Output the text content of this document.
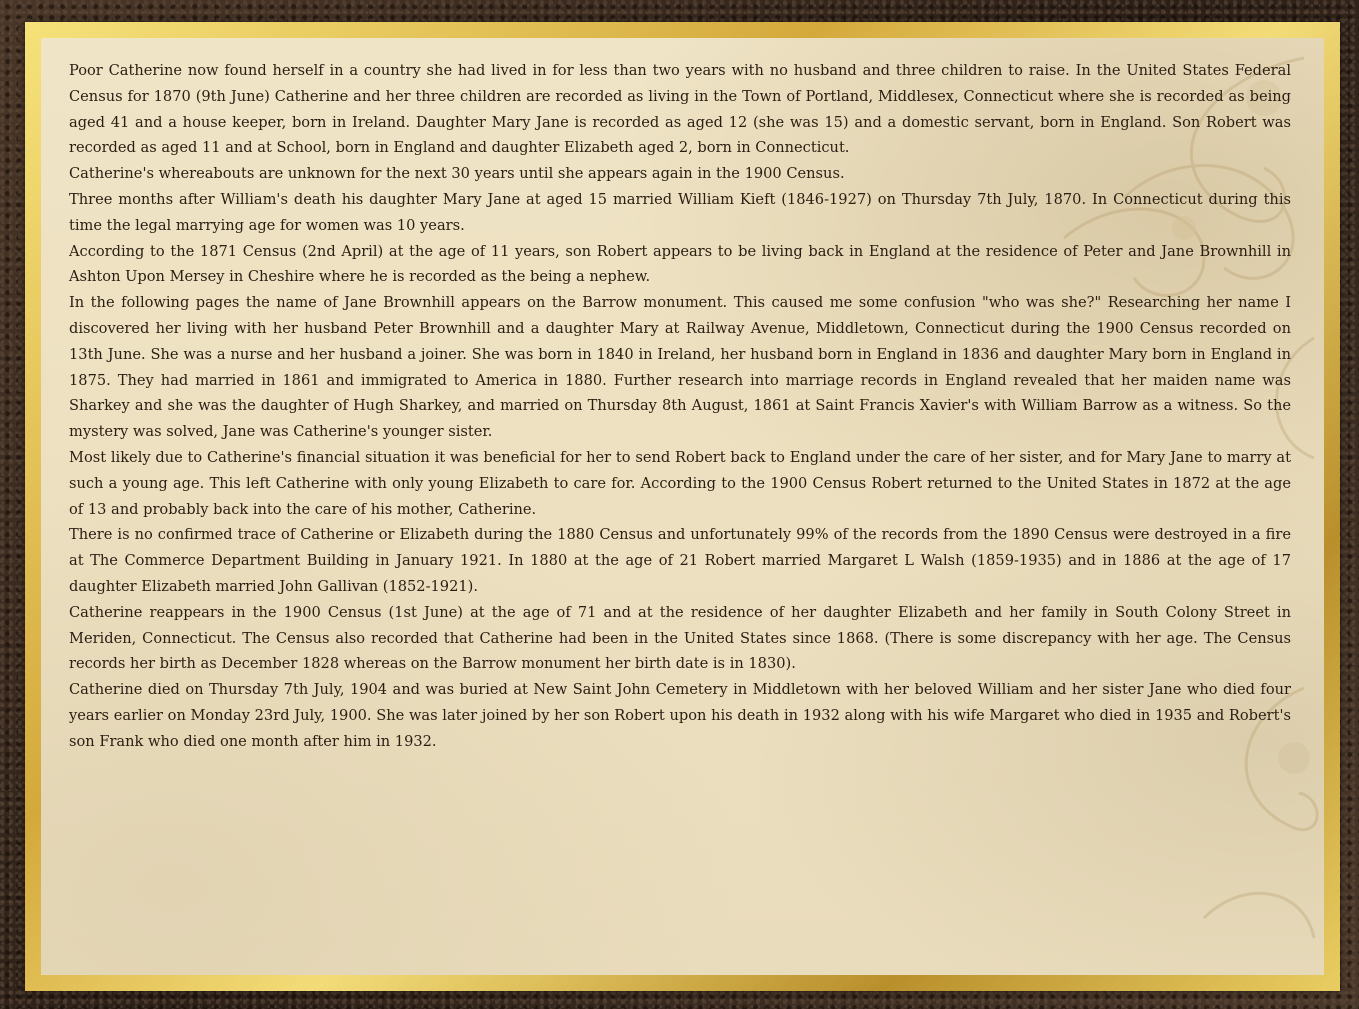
Poor Catherine now found herself in a country she had lived in for less than two years with no husband and three children to raise. In the United States Federal Census for 1870 (9th June) Catherine and her three children are recorded as living in the Town of Portland, Middlesex, Connecticut where she is recorded as being aged 41 and a house keeper, born in Ireland. Daughter Mary Jane is recorded as aged 12 (she was 15) and a domestic servant, born in England. Son Robert was recorded as aged 11 and at School, born in England and daughter Elizabeth aged 2, born in Connecticut.

Catherine's whereabouts are unknown for the next 30 years until she appears again in the 1900 Census.

Three months after William's death his daughter Mary Jane at aged 15 married William Kieft (1846-1927) on Thursday 7th July, 1870. In Connecticut during this time the legal marrying age for women was 10 years.

According to the 1871 Census (2nd April) at the age of 11 years, son Robert appears to be living back in England at the residence of Peter and Jane Brownhill in Ashton Upon Mersey in Cheshire where he is recorded as the being a nephew.

In the following pages the name of Jane Brownhill appears on the Barrow monument. This caused me some confusion "who was she?" Researching her name I discovered her living with her husband Peter Brownhill and a daughter Mary at Railway Avenue, Middletown, Connecticut during the 1900 Census recorded on 13th June. She was a nurse and her husband a joiner. She was born in 1840 in Ireland, her husband born in England in 1836 and daughter Mary born in England in 1875. They had married in 1861 and immigrated to America in 1880. Further research into marriage records in England revealed that her maiden name was Sharkey and she was the daughter of Hugh Sharkey, and married on Thursday 8th August, 1861 at Saint Francis Xavier's with William Barrow as a witness. So the mystery was solved, Jane was Catherine's younger sister.

Most likely due to Catherine's financial situation it was beneficial for her to send Robert back to England under the care of her sister, and for Mary Jane to marry at such a young age. This left Catherine with only young Elizabeth to care for. According to the 1900 Census Robert returned to the United States in 1872 at the age of 13 and probably back into the care of his mother, Catherine.

There is no confirmed trace of Catherine or Elizabeth during the 1880 Census and unfortunately 99% of the records from the 1890 Census were destroyed in a fire at The Commerce Department Building in January 1921. In 1880 at the age of 21 Robert married Margaret L Walsh (1859-1935) and in 1886 at the age of 17 daughter Elizabeth married John Gallivan (1852-1921).

Catherine reappears in the 1900 Census (1st June) at the age of 71 and at the residence of her daughter Elizabeth and her family in South Colony Street in Meriden, Connecticut. The Census also recorded that Catherine had been in the United States since 1868. (There is some discrepancy with her age. The Census records her birth as December 1828 whereas on the Barrow monument her birth date is in 1830).

Catherine died on Thursday 7th July, 1904 and was buried at New Saint John Cemetery in Middletown with her beloved William and her sister Jane who died four years earlier on Monday 23rd July, 1900. She was later joined by her son Robert upon his death in 1932 along with his wife Margaret who died in 1935 and Robert's son Frank who died one month after him in 1932.
